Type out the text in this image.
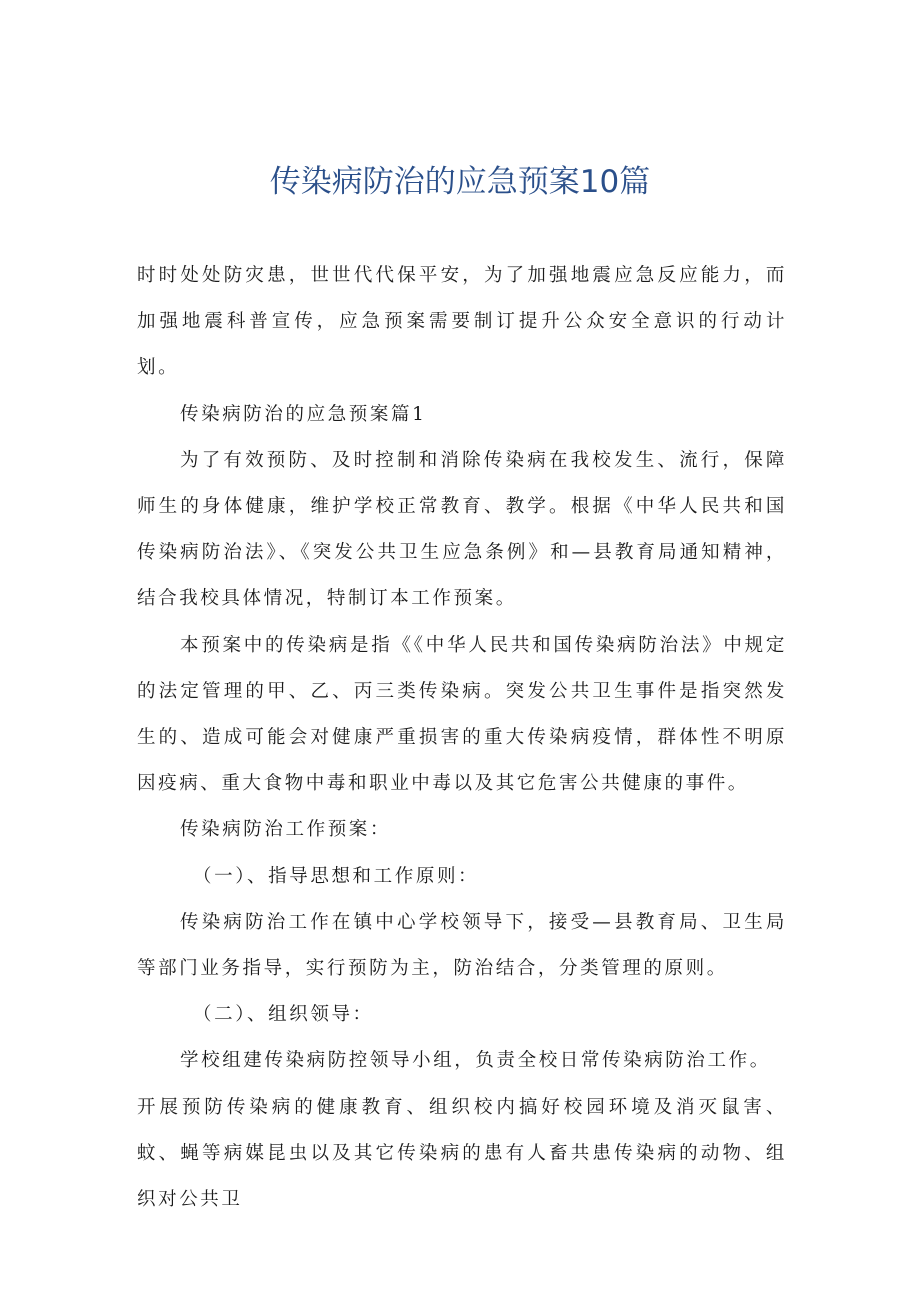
传染病防治的应急预案10篇

时时处处防灾患，世世代代保平安，为了加强地震应急反应能力，而加强地震科普宣传，应急预案需要制订提升公众安全意识的行动计划。

传染病防治的应急预案篇1

为了有效预防、及时控制和消除传染病在我校发生、流行，保障师生的身体健康，维护学校正常教育、教学。根据《中华人民共和国传染病防治法》、《突发公共卫生应急条例》和—县教育局通知精神，结合我校具体情况，特制订本工作预案。

本预案中的传染病是指《《中华人民共和国传染病防治法》中规定的法定管理的甲、乙、丙三类传染病。突发公共卫生事件是指突然发生的、造成可能会对健康严重损害的重大传染病疫情，群体性不明原因疫病、重大食物中毒和职业中毒以及其它危害公共健康的事件。

传染病防治工作预案：

（一）、指导思想和工作原则：

传染病防治工作在镇中心学校领导下，接受—县教育局、卫生局等部门业务指导，实行预防为主，防治结合，分类管理的原则。

（二）、组织领导：

学校组建传染病防控领导小组，负责全校日常传染病防治工作。

开展预防传染病的健康教育、组织校内搞好校园环境及消灭鼠害、蚊、蝇等病媒昆虫以及其它传染病的患有人畜共患传染病的动物、组织对公共卫
